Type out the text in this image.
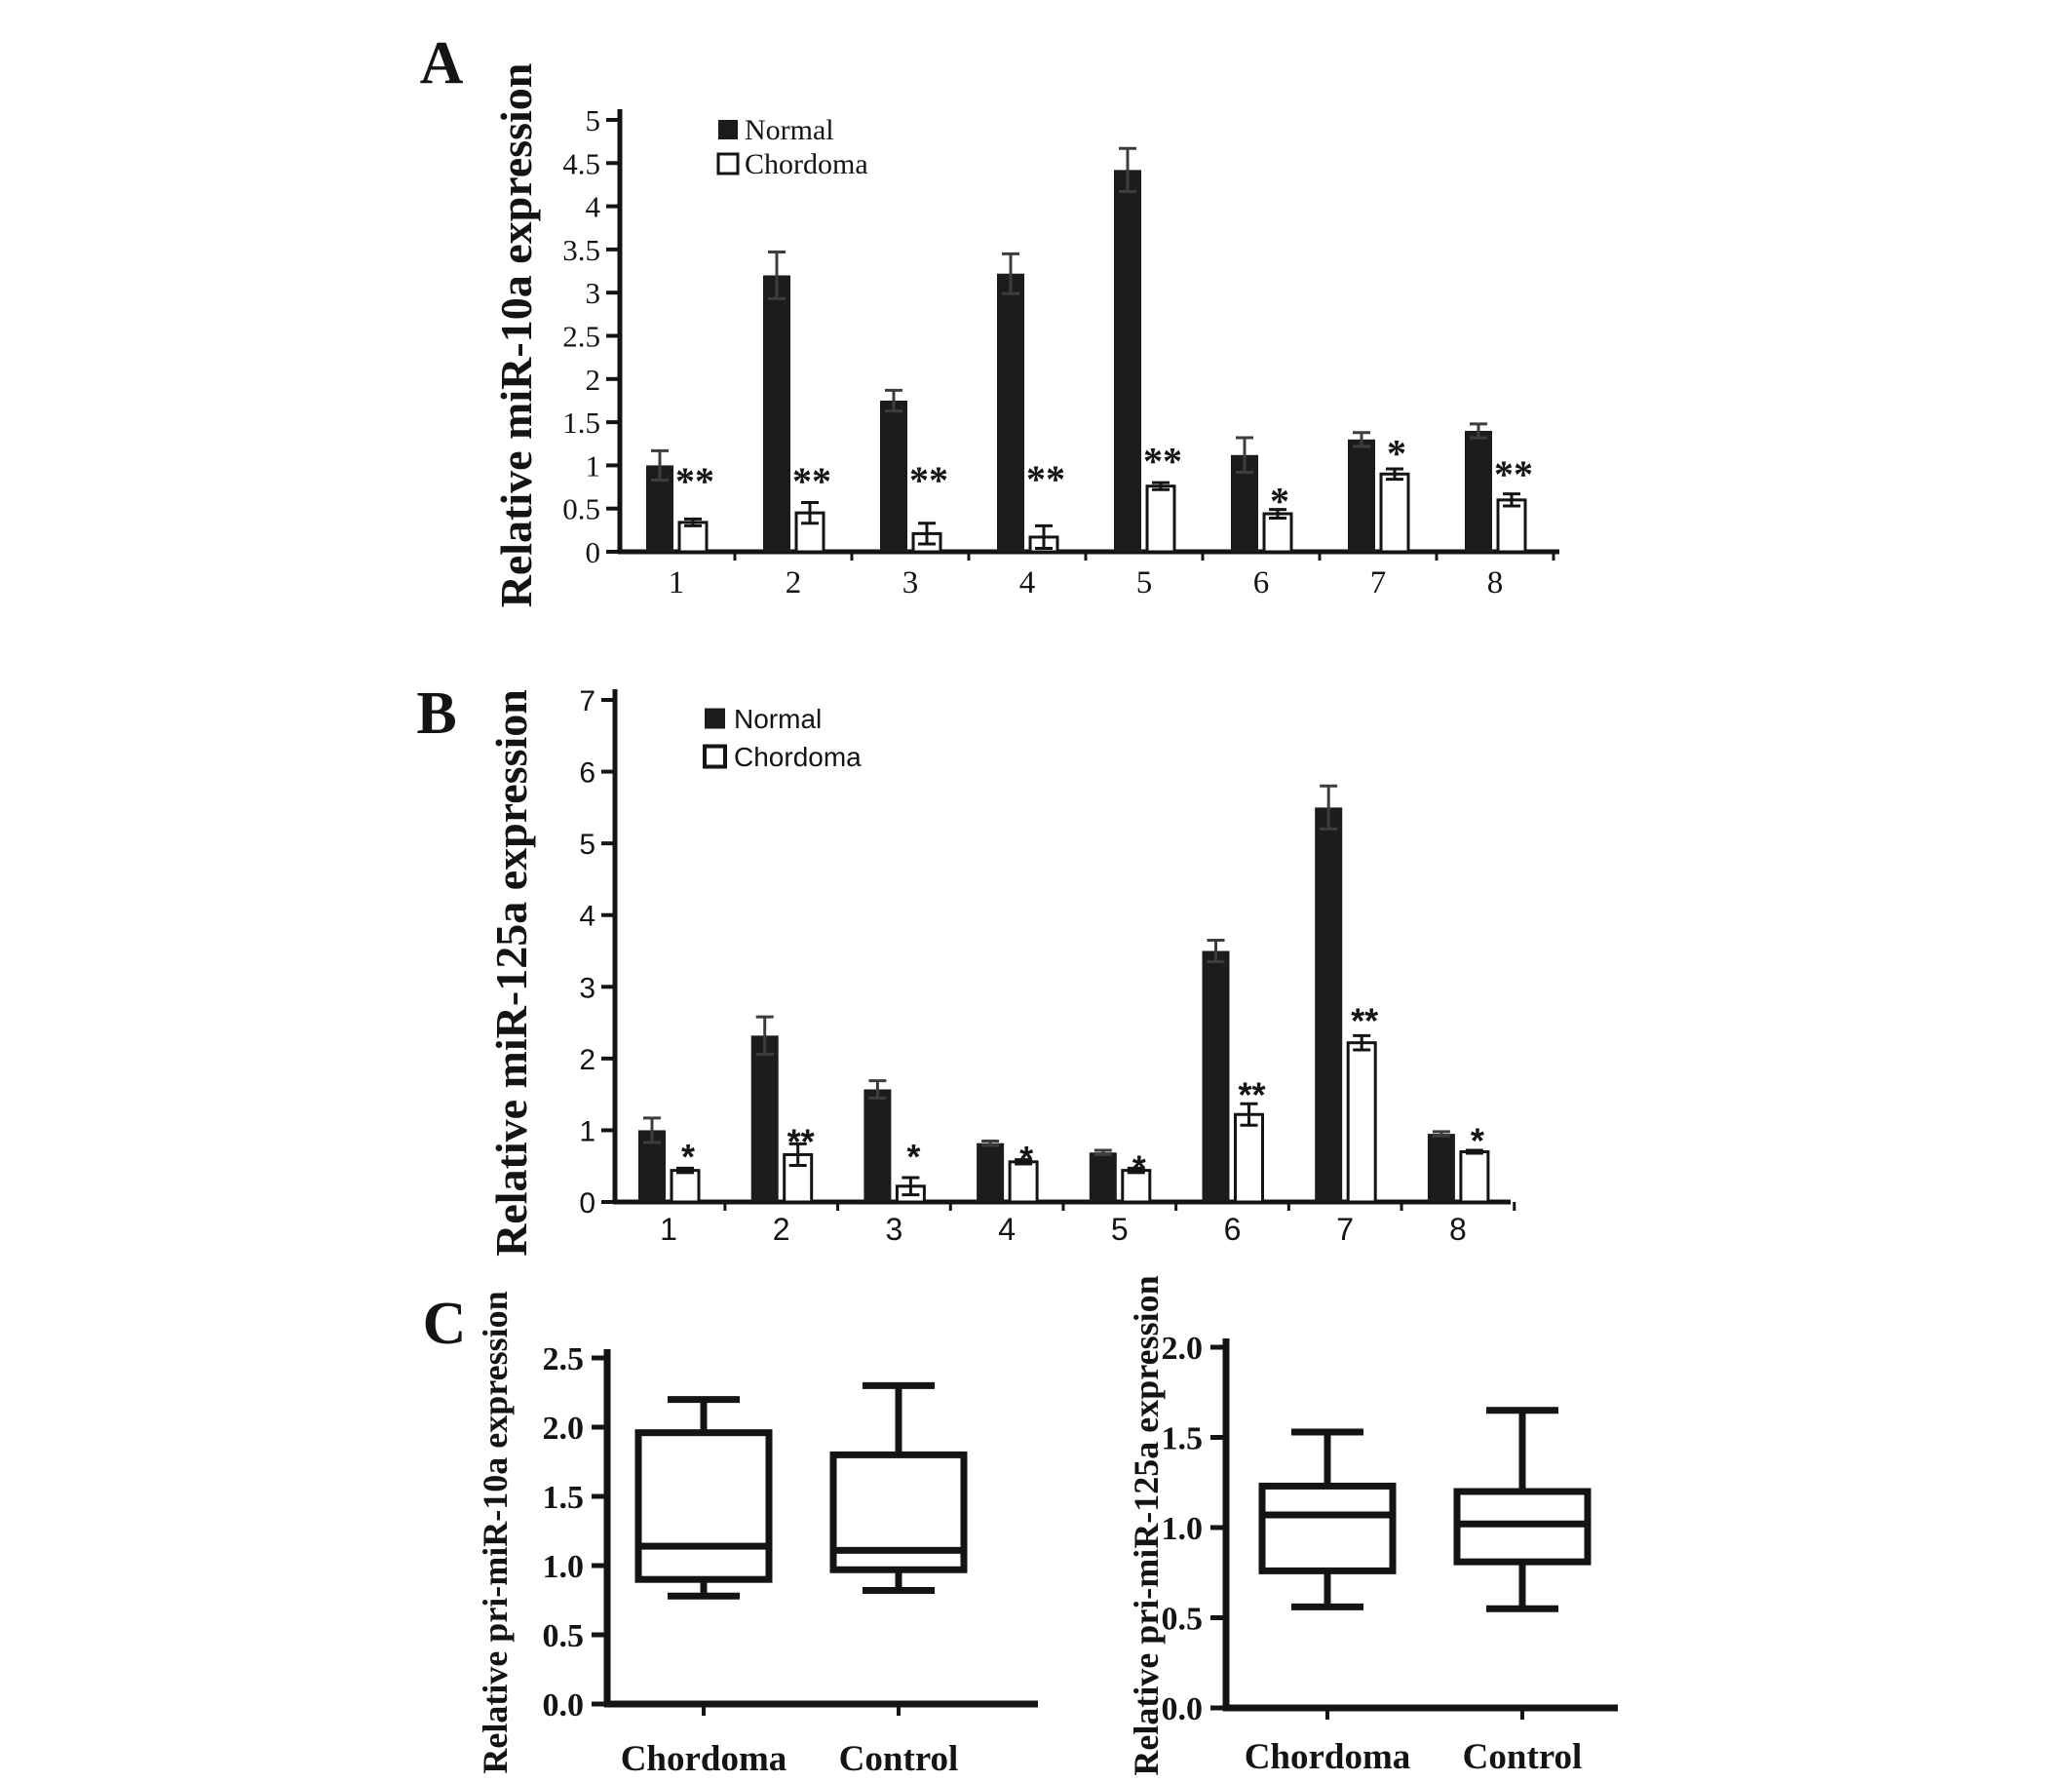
A
B
C
Relative miR-10a expression 0
0.5
1
1.5
2
2.5
3
3.5
4
4.5
5	Normal
Chordoma
1
**
2
**
3
**
4
**
5
**
6
*
7
*
8
**
Relative miR-125a expression 0
1
2
3
4
5
6
7
Normal
Chordoma
1
*
2
**
3
*
4
*
5
*
6
**
7
**
8
*
Relative pri-miR-10a expression 0.0
0.5
1.0
1.5
2.0
2.5
Chordoma Control	Relative pri-miR-125a expression
0.0
0.5
1.0
1.5
2.0
Chordoma Control
